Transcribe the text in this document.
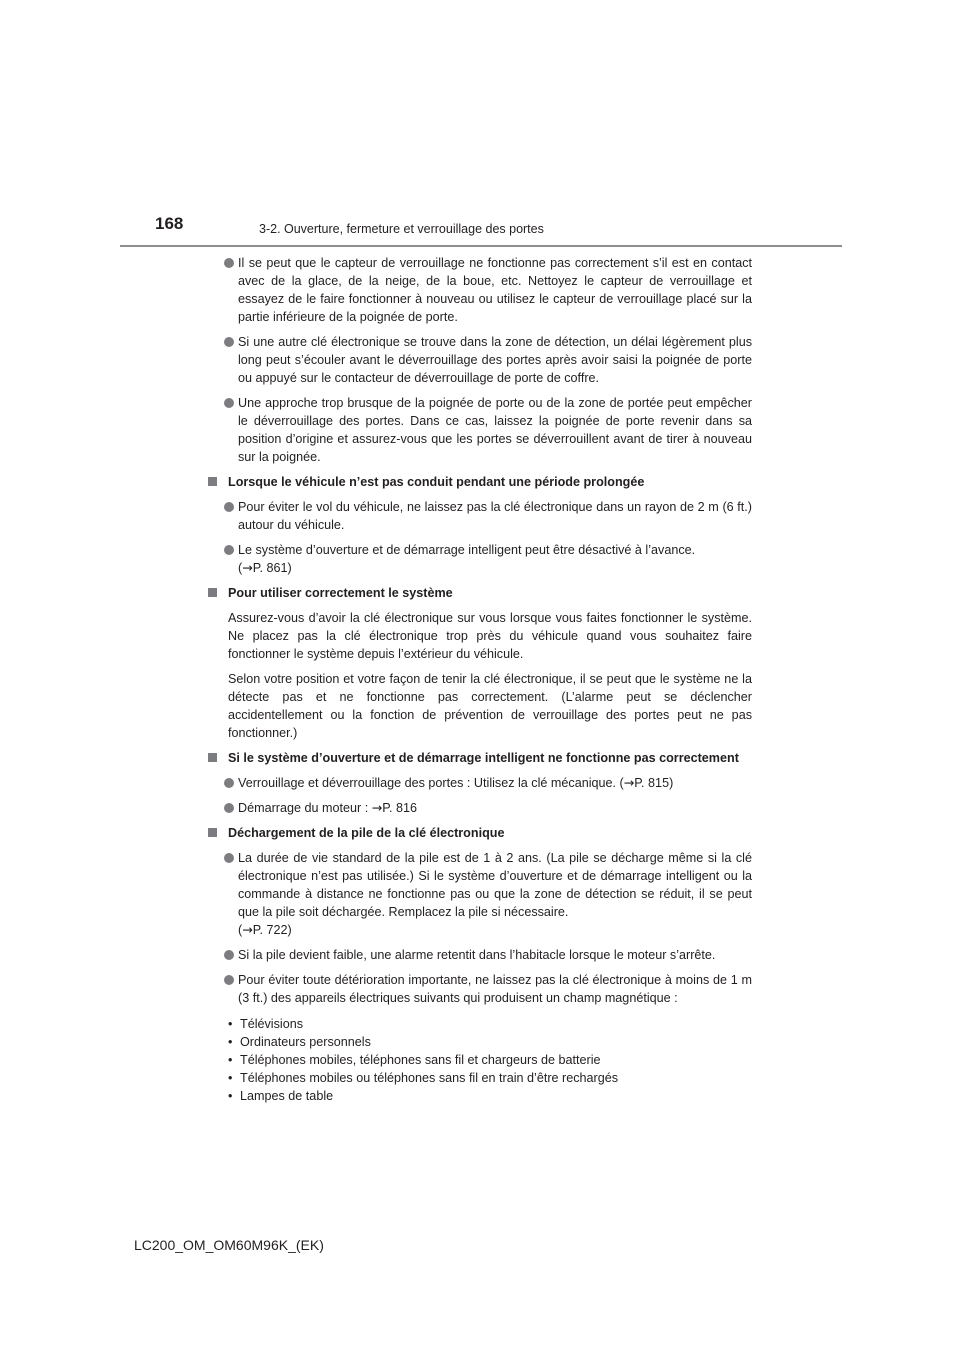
168	3-2. Ouverture, fermeture et verrouillage des portes
Il se peut que le capteur de verrouillage ne fonctionne pas correctement s’il est en contact avec de la glace, de la neige, de la boue, etc. Nettoyez le capteur de verrouillage et essayez de le faire fonctionner à nouveau ou utilisez le capteur de verrouillage placé sur la partie inférieure de la poignée de porte.
Si une autre clé électronique se trouve dans la zone de détection, un délai légèrement plus long peut s’écouler avant le déverrouillage des portes après avoir saisi la poignée de porte ou appuyé sur le contacteur de déverrouillage de porte de coffre.
Une approche trop brusque de la poignée de porte ou de la zone de portée peut empêcher le déverrouillage des portes. Dans ce cas, laissez la poignée de porte revenir dans sa position d’origine et assurez-vous que les portes se déverrouillent avant de tirer à nouveau sur la poignée.
Lorsque le véhicule n’est pas conduit pendant une période prolongée
Pour éviter le vol du véhicule, ne laissez pas la clé électronique dans un rayon de 2 m (6 ft.) autour du véhicule.
Le système d’ouverture et de démarrage intelligent peut être désactivé à l’avance.
(→P. 861)
Pour utiliser correctement le système
Assurez-vous d’avoir la clé électronique sur vous lorsque vous faites fonctionner le système. Ne placez pas la clé électronique trop près du véhicule quand vous souhaitez faire fonctionner le système depuis l’extérieur du véhicule.
Selon votre position et votre façon de tenir la clé électronique, il se peut que le système ne la détecte pas et ne fonctionne pas correctement. (L’alarme peut se déclencher accidentellement ou la fonction de prévention de verrouillage des portes peut ne pas fonctionner.)
Si le système d’ouverture et de démarrage intelligent ne fonctionne pas correctement
Verrouillage et déverrouillage des portes : Utilisez la clé mécanique. (→P. 815)
Démarrage du moteur : →P. 816
Déchargement de la pile de la clé électronique
La durée de vie standard de la pile est de 1 à 2 ans. (La pile se décharge même si la clé électronique n’est pas utilisée.) Si le système d’ouverture et de démarrage intelligent ou la commande à distance ne fonctionne pas ou que la zone de détection se réduit, il se peut que la pile soit déchargée. Remplacez la pile si nécessaire.
(→P. 722)
Si la pile devient faible, une alarme retentit dans l’habitacle lorsque le moteur s’arrête.
Pour éviter toute détérioration importante, ne laissez pas la clé électronique à moins de 1 m (3 ft.) des appareils électriques suivants qui produisent un champ magnétique :
• Télévisions
• Ordinateurs personnels
• Téléphones mobiles, téléphones sans fil et chargeurs de batterie
• Téléphones mobiles ou téléphones sans fil en train d’être rechargés
• Lampes de table
LC200_OM_OM60M96K_(EK)
